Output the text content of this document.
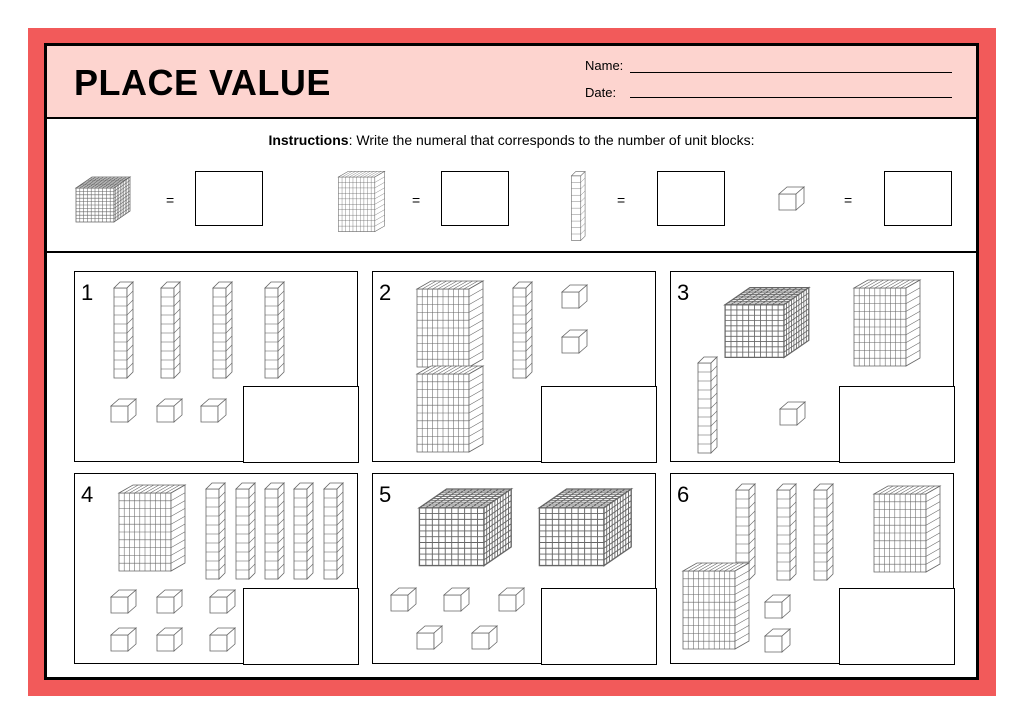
PLACE VALUE	Name:
Date:
Instructions: Write the numeral that corresponds to the number of unit blocks:
=	=	=	=
1	2	3
4	5	6
